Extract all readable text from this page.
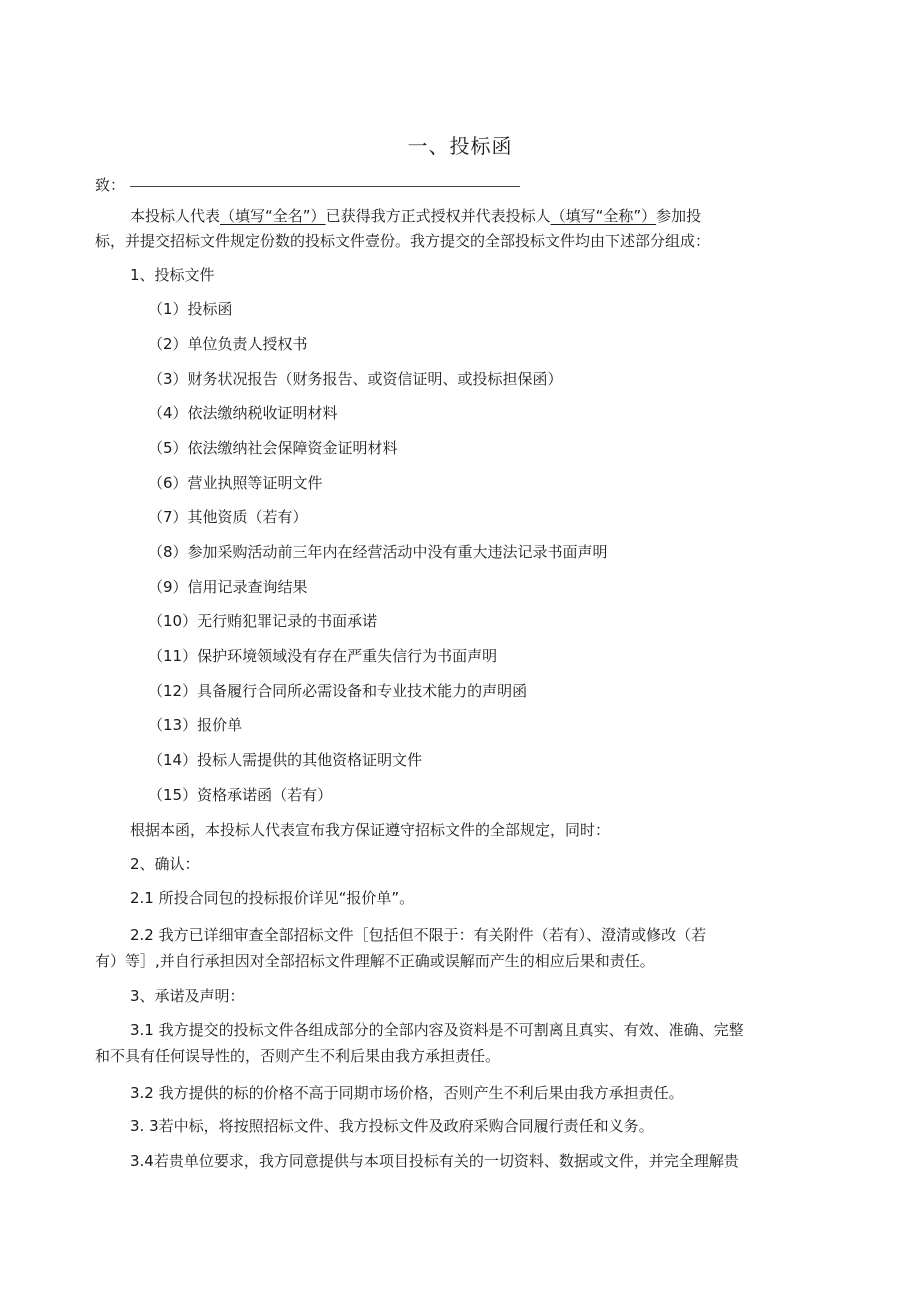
一、投标函
致：
本投标人代表（填写“全名”）已获得我方正式授权并代表投标人（填写“全称”）参加投
标，并提交招标文件规定份数的投标文件壹份。我方提交的全部投标文件均由下述部分组成：
1、投标文件
（1）投标函
（2）单位负责人授权书
（3）财务状况报告（财务报告、或资信证明、或投标担保函）
（4）依法缴纳税收证明材料
（5）依法缴纳社会保障资金证明材料
（6）营业执照等证明文件
（7）其他资质（若有）
（8）参加采购活动前三年内在经营活动中没有重大违法记录书面声明
（9）信用记录查询结果
（10）无行贿犯罪记录的书面承诺
（11）保护环境领域没有存在严重失信行为书面声明
（12）具备履行合同所必需设备和专业技术能力的声明函
（13）报价单
（14）投标人需提供的其他资格证明文件
（15）资格承诺函（若有）
根据本函，本投标人代表宣布我方保证遵守招标文件的全部规定，同时：
2、确认：
2.1 所投合同包的投标报价详见“报价单”。
2.2 我方已详细审查全部招标文件［包括但不限于：有关附件（若有）、澄清或修改（若
有）等］,并自行承担因对全部招标文件理解不正确或误解而产生的相应后果和责任。
3、承诺及声明：
3.1 我方提交的投标文件各组成部分的全部内容及资料是不可割离且真实、有效、准确、完整
和不具有任何误导性的，否则产生不利后果由我方承担责任。
3.2 我方提供的标的价格不高于同期市场价格，否则产生不利后果由我方承担责任。
3. 3若中标，将按照招标文件、我方投标文件及政府采购合同履行责任和义务。
3.4若贵单位要求，我方同意提供与本项目投标有关的一切资料、数据或文件，并完全理解贵
